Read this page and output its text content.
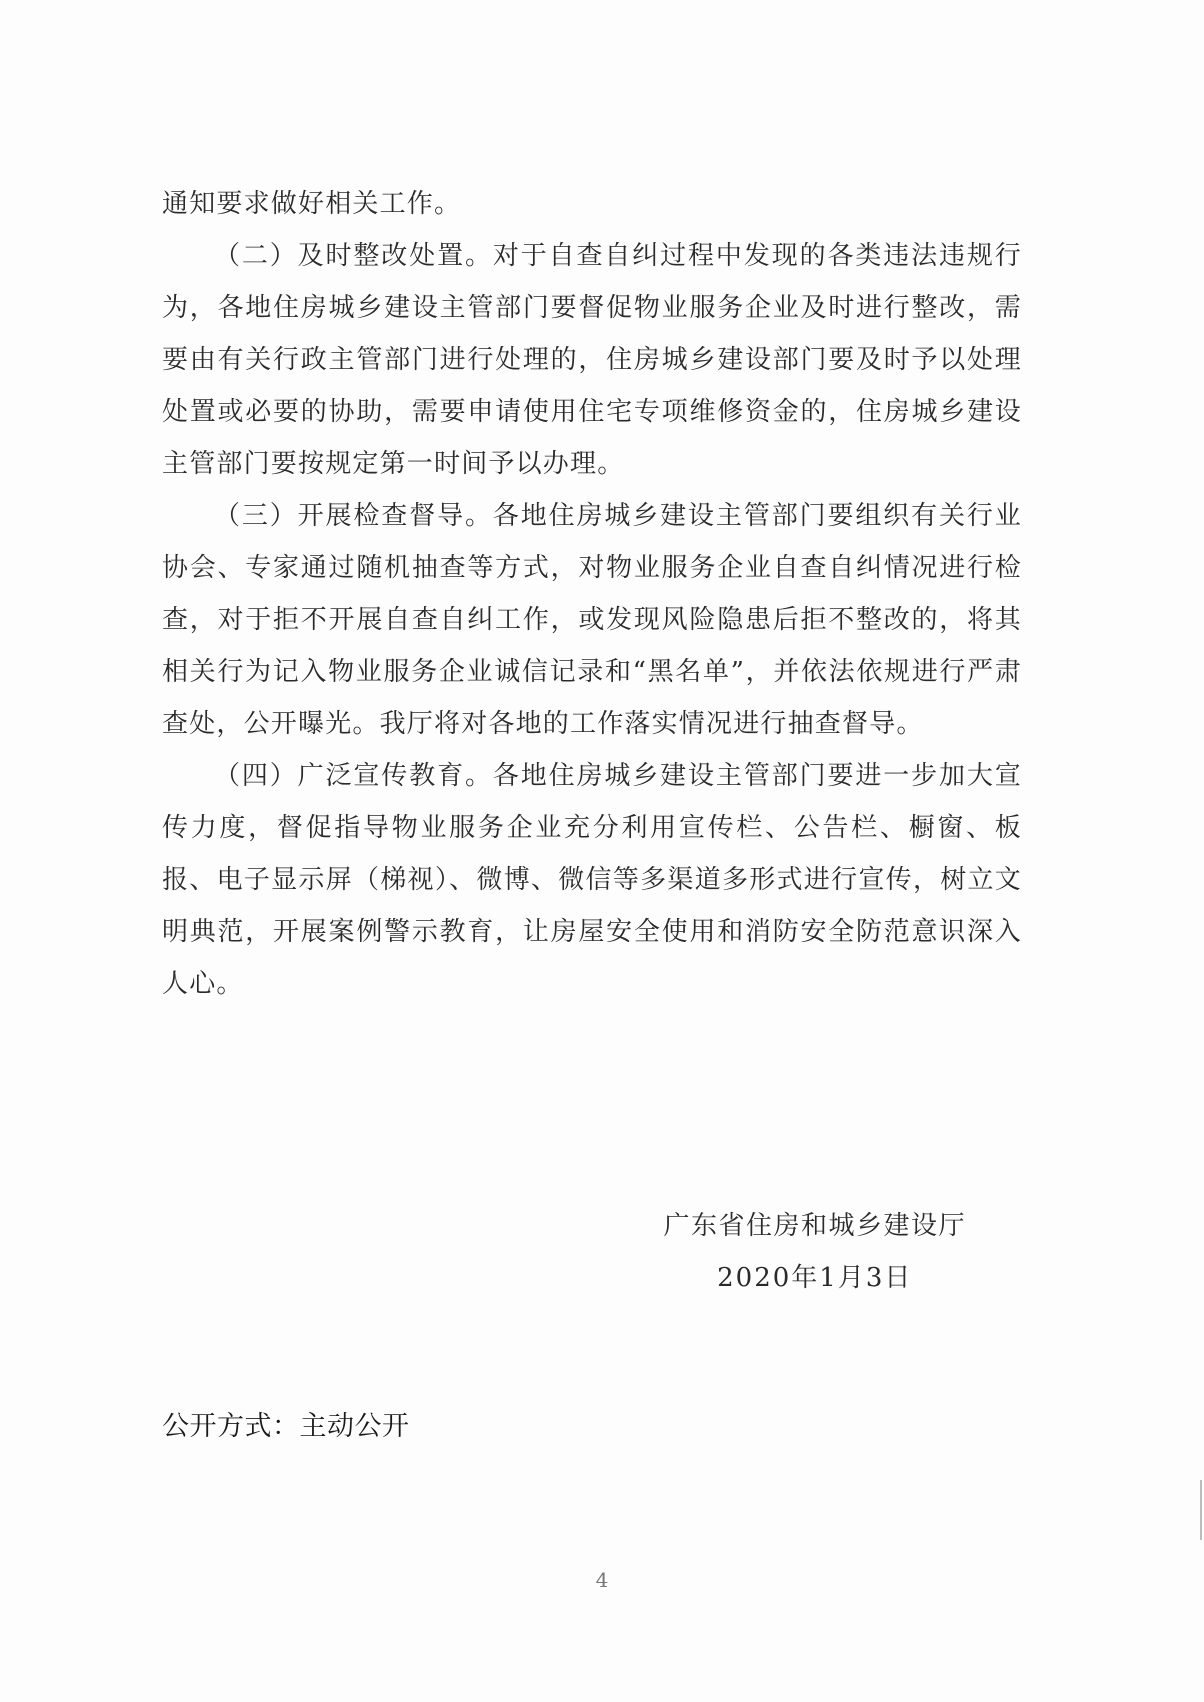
通知要求做好相关工作。

（二）及时整改处置。对于自查自纠过程中发现的各类违法违规行为，各地住房城乡建设主管部门要督促物业服务企业及时进行整改，需要由有关行政主管部门进行处理的，住房城乡建设部门要及时予以处理处置或必要的协助，需要申请使用住宅专项维修资金的，住房城乡建设主管部门要按规定第一时间予以办理。

（三）开展检查督导。各地住房城乡建设主管部门要组织有关行业协会、专家通过随机抽查等方式，对物业服务企业自查自纠情况进行检查，对于拒不开展自查自纠工作，或发现风险隐患后拒不整改的，将其相关行为记入物业服务企业诚信记录和“黑名单”，并依法依规进行严肃查处，公开曝光。我厅将对各地的工作落实情况进行抽查督导。

（四）广泛宣传教育。各地住房城乡建设主管部门要进一步加大宣传力度，督促指导物业服务企业充分利用宣传栏、公告栏、橱窗、板报、电子显示屏（梯视）、微博、微信等多渠道多形式进行宣传，树立文明典范，开展案例警示教育，让房屋安全使用和消防安全防范意识深入人心。

广东省住房和城乡建设厅
2020年1月3日
公开方式：主动公开
4
